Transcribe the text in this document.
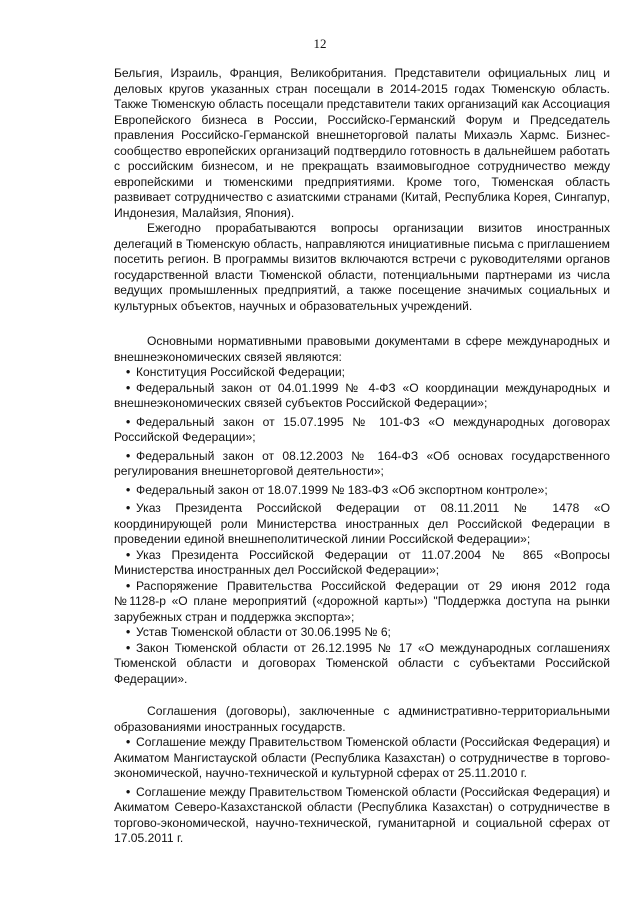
12

Бельгия, Израиль, Франция, Великобритания. Представители официальных лиц и деловых кругов указанных стран посещали в 2014-2015 годах Тюменскую область. Также Тюменскую область посещали представители таких организаций как Ассоциация Европейского бизнеса в России, Российско-Германский Форум и Председатель правления Российско-Германской внешнеторговой палаты Михаэль Хармс. Бизнес-сообщество европейских организаций подтвердило готовность в дальнейшем работать с российским бизнесом, и не прекращать взаимовыгодное сотрудничество между европейскими и тюменскими предприятиями. Кроме того, Тюменская область развивает сотрудничество с азиатскими странами (Китай, Республика Корея, Сингапур, Индонезия, Малайзия, Япония).

Ежегодно прорабатываются вопросы организации визитов иностранных делегаций в Тюменскую область, направляются инициативные письма с приглашением посетить регион. В программы визитов включаются встречи с руководителями органов государственной власти Тюменской области, потенциальными партнерами из числа ведущих промышленных предприятий, а также посещение значимых социальных и культурных объектов, научных и образовательных учреждений.

Основными нормативными правовыми документами в сфере международных и внешнеэкономических связей являются:

• Конституция Российской Федерации;
• Федеральный закон от 04.01.1999 № 4-ФЗ «О координации международных и внешнеэкономических связей субъектов Российской Федерации»;
• Федеральный закон от 15.07.1995 № 101-ФЗ «О международных договорах Российской Федерации»;
• Федеральный закон от 08.12.2003 № 164-ФЗ «Об основах государственного регулирования внешнеторговой деятельности»;
• Федеральный закон от 18.07.1999 № 183-ФЗ «Об экспортном контроле»;
• Указ Президента Российской Федерации от 08.11.2011 № 1478 «О координирующей роли Министерства иностранных дел Российской Федерации в проведении единой внешнеполитической линии Российской Федерации»;
• Указ Президента Российской Федерации от 11.07.2004 № 865 «Вопросы Министерства иностранных дел Российской Федерации»;
• Распоряжение Правительства Российской Федерации от 29 июня 2012 года №1128-р «О плане мероприятий («дорожной карты») "Поддержка доступа на рынки зарубежных стран и поддержка экспорта»;
• Устав Тюменской области от 30.06.1995 № 6;
• Закон Тюменской области от 26.12.1995 № 17 «О международных соглашениях Тюменской области и договорах Тюменской области с субъектами Российской Федерации».

Соглашения (договоры), заключенные с административно-территориальными образованиями иностранных государств.

• Соглашение между Правительством Тюменской области (Российская Федерация) и Акиматом Мангистауской области (Республика Казахстан) о сотрудничестве в торгово-экономической, научно-технической и культурной сферах от 25.11.2010 г.
• Соглашение между Правительством Тюменской области (Российская Федерация) и Акиматом Северо-Казахстанской области (Республика Казахстан) о сотрудничестве в торгово-экономической, научно-технической, гуманитарной и социальной сферах от 17.05.2011 г.
